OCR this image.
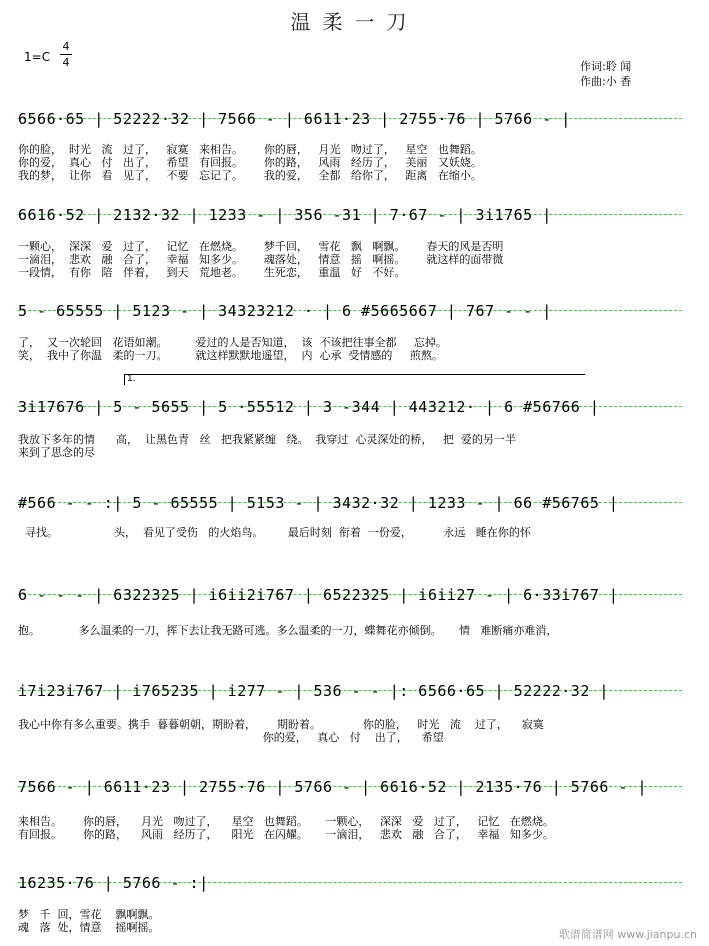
温柔一刀
1=C
4
4	作词:聆 闻
作曲:小 香
6566·65 | 52222·32 | 7566 - | 6611·23 | 2755·76 | 5766 - |
你的脸，  时光   流   过了，   寂寞   来相告。      你的唇，   月光   吻过了，   星空   也舞蹈。
你的爱，  真心   付   出了，   希望   有回报。      你的路，   风雨   经历了，   美丽   又妖娆。
我的梦，  让你   看   见了，   不要   忘记了。      我的爱，   全都   给你了，   距离   在缩小。
6616·52 | 2132·32 | 1233 - | 356 -31 | 7·67 - | 3i1765 |
一颗心，  深深   爱   过了，   记忆   在燃烧。      梦千回，   雪花   飘   啊飘。      春天的风是否明
一滴泪，  悲欢   融   合了，   幸福   知多少。      魂落处，   情意   摇   啊摇。      就这样的面带微
一段情，  有你   陪   伴着，   到天   荒地老。      生死恋，   重温   好   不好。
5 - 65555 | 5123 - | 34323212 · | 6 #5665667 | 767 - - |
了，  又一次轮回   花语如潮。        爱过的人是否知道，  该  不该把往事全都     忘掉。
笑，  我中了你温   柔的一刀。        就这样默默地遥望，  内  心承  受情感的     煎熬。
1.
3i17676 | 5 - 5655 | 5 ·55512 | 3 -344 | 443212· | 6 #56766 |
我放下多年的情      高，  让黑色青   丝   把我紧紧缠   绕。  我穿过  心灵深处的桥，   把  爱的另一半
来到了思念的尽
#566 - - :| 5 - 65555 | 5153 - | 3432·32 | 1233 - | 66 #56765 |
寻找。                头，  看见了受伤   的火焰鸟。       最后时刻  衔着  一份爱，         永远   睡在你的怀
6 - - - | 6322325 | i6ii2i767 | 6522325 | i6ii27 - | 6·33i767 |
抱。           多么温柔的一刀，挥下去让我无路可逃。多么温柔的一刀，蝶舞花亦倾倒。     情   难断痛亦难消，
i7i23i767 | i765235 | i277 - | 536 - - |: 6566·65 | 52222·32 |
我心中你有多么重要。携手  暮暮朝朝，期盼着，      期盼着。            你的脸，   时光   流    过了，    寂寞
你的爱，   真心   付    出了，    希望
7566 - | 6611·23 | 2755·76 | 5766 - | 6616·52 | 2135·76 | 5766 - |
来相告。      你的唇，    月光   吻过了，    星空   也舞蹈。     一颗心，   深深   爱   过了，   记忆   在燃烧。
有回报。      你的路，    风雨   经历了，    阳光   在闪耀。     一滴泪，   悲欢   融   合了，   幸福   知多少。
16235·76 | 5766 - :|
梦   千  回，雪花    飘啊飘。
魂   落  处，情意    摇啊摇。
歌谱简谱网 www.jianpu.cn
